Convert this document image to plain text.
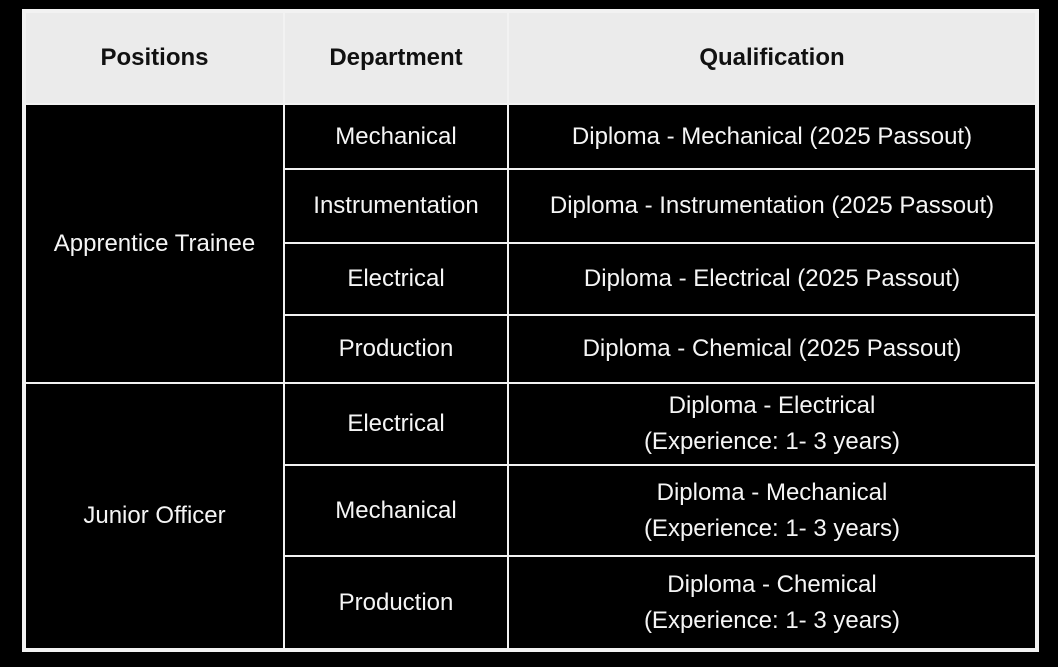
Positions	Department	Qualification
Apprentice Trainee	Mechanical	Diploma - Mechanical (2025 Passout)

	Instrumentation	Diploma - Instrumentation (2025 Passout)

	Electrical	Diploma - Electrical (2025 Passout)

	Production	Diploma - Chemical (2025 Passout)

Junior Officer	Electrical	Diploma - Electrical
(Experience: 1- 3 years)

	Mechanical	Diploma - Mechanical
(Experience: 1- 3 years)

	Production	Diploma - Chemical
(Experience: 1- 3 years)
